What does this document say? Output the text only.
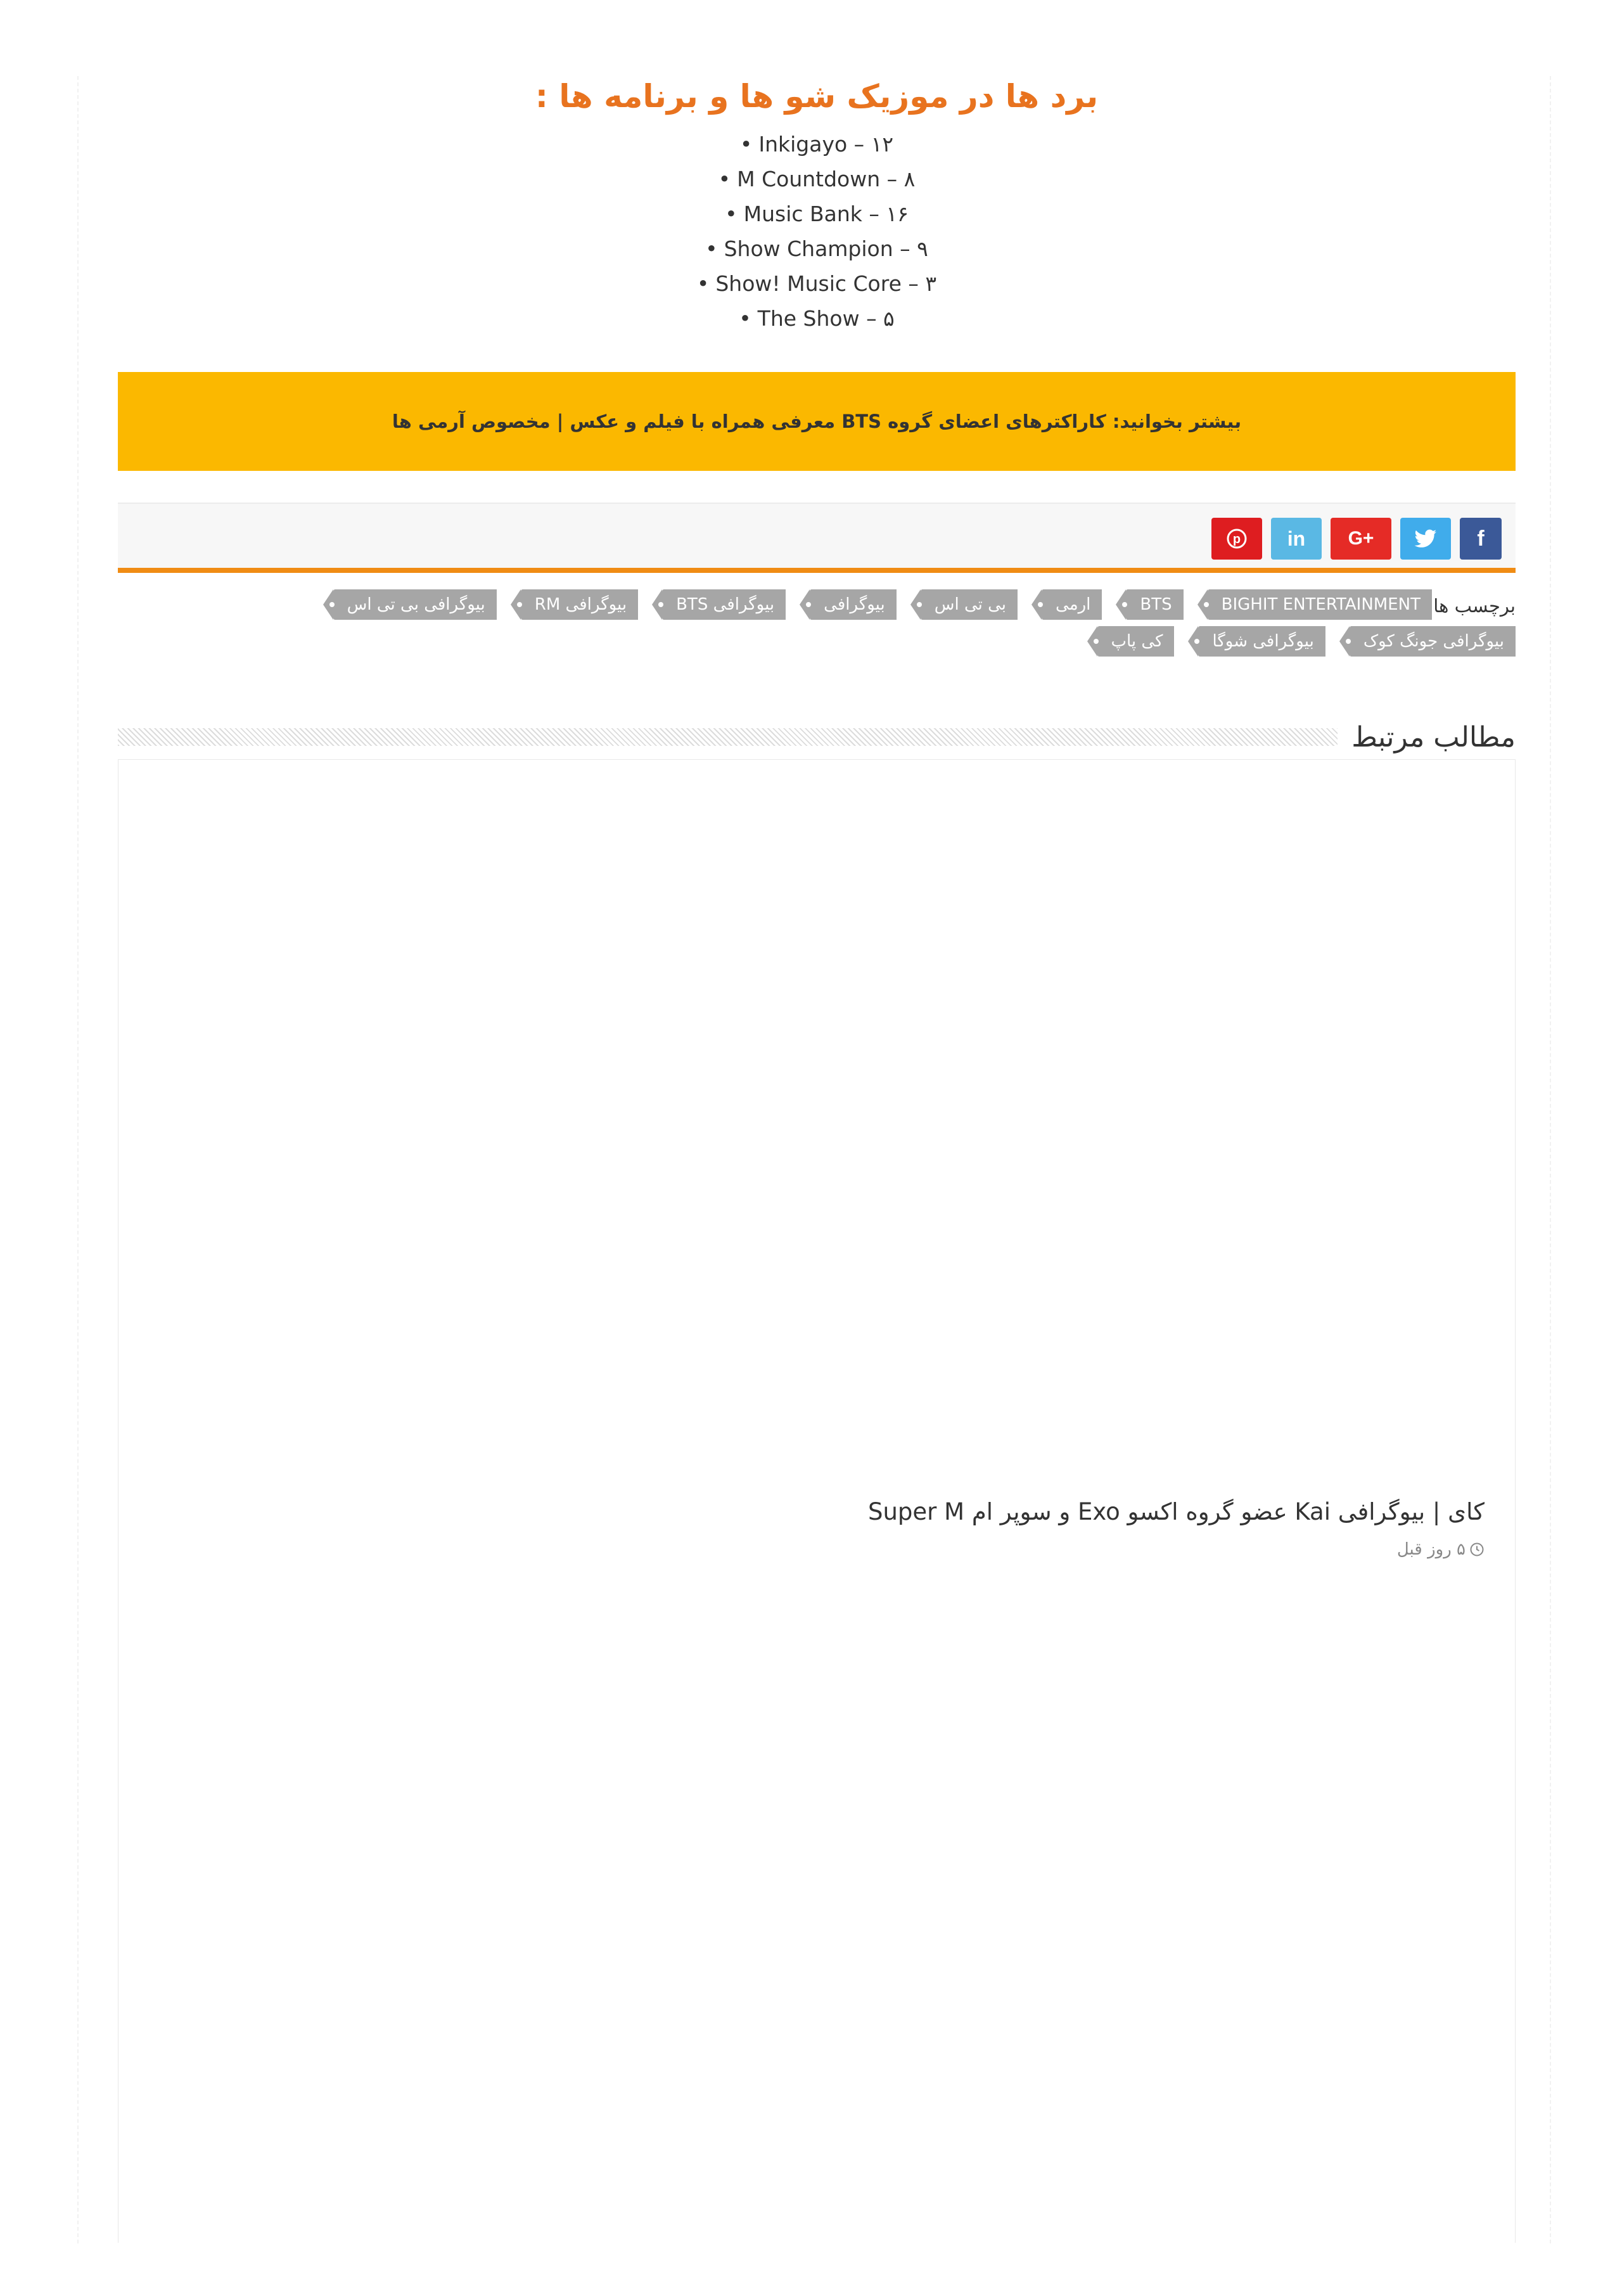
برد ها در موزیک شو ها و برنامه ها :
• Inkigayo – ۱۲
• M Countdown – ۸
• Music Bank – ۱۶
• Show Champion – ۹
• Show! Music Core – ۳
• The Show – ۵
بیشتر بخوانید: کاراکترهای اعضای گروه BTS معرفی همراه با فیلم و عکس | مخصوص آرمی ها
p	in	G+	f
برچسب ها
BIGHIT ENTERTAINMENT
BTS
ارمی
بی تی اس
بیوگرافی
بیوگرافی BTS
بیوگرافی RM
بیوگرافی بی تی اس
بیوگرافی جونگ کوک
بیوگرافی شوگا
کی پاپ
مطالب مرتبط
کای | بیوگرافی Kai عضو گروه اکسو Exo و سوپر ام Super M
۵ روز قبل
